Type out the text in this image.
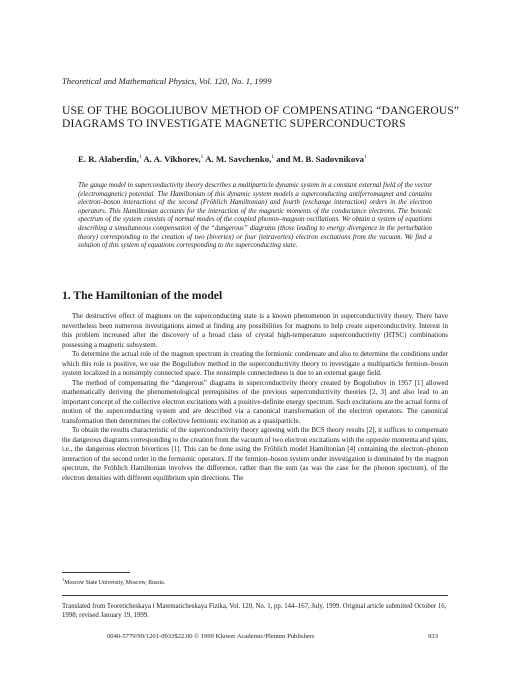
Theoretical and Mathematical Physics, Vol. 120, No. 1, 1999
USE OF THE BOGOLIUBOV METHOD OF COMPENSATING “DANGEROUS” DIAGRAMS TO INVESTIGATE MAGNETIC SUPERCONDUCTORS
E. R. Alaberdin,$^1$ A. A. Vikhorev,$^1$ A. M. Savchenko,$^1$ and M. B. Sadovnikova$^1$

The gauge model in superconductivity theory describes a multiparticle dynamic system in a constant external field of the vector (electromagnetic) potential. The Hamiltonian of this dynamic system models a superconducting antiferromagnet and contains electron–boson interactions of the second (Fröhlich Hamiltonian) and fourth (exchange interaction) orders in the electron operators. This Hamiltonian accounts for the interaction of the magnetic moments of the conductance electrons. The bosonic spectrum of the system consists of normal modes of the coupled phonon–magnon oscillations. We obtain a system of equations describing a simultaneous compensation of the “dangerous” diagrams (those leading to energy divergence in the perturbation theory) corresponding to the creation of two (bivertex) or four (tetravertex) electron excitations from the vacuum. We find a solution of this system of equations corresponding to the superconducting state.

1. The Hamiltonian of the model

The destructive effect of magnons on the superconducting state is a known phenomenon in superconductivity theory. There have nevertheless been numerous investigations aimed at finding any possibilities for magnons to help create superconductivity. Interest in this problem increased after the discovery of a broad class of crystal high-temperature superconductivity (HTSC) combinations possessing a magnetic subsystem.

To determine the actual role of the magnon spectrum in creating the fermionic condensate and also to determine the conditions under which this role is positive, we use the Bogoliubov method in the superconductivity theory to investigate a multiparticle fermion–boson system localized in a nonsimply connected space. The nonsimple connectedness is due to an external gauge field.

The method of compensating the “dangerous” diagrams in superconductivity theory created by Bogoliubov in 1957 [1] allowed mathematically deriving the phenomenological prerequisites of the previous superconductivity theories [2, 3] and also lead to an important concept of the collective electron excitations with a positive-definite energy spectrum. Such excitations are the actual forms of motion of the superconducting system and are described via a canonical transformation of the electron operators. The canonical transformation then determines the collective fermionic excitation as a quasiparticle.

To obtain the results characteristic of the superconductivity theory agreeing with the BCS theory results [2], it suffices to compensate the dangerous diagrams corresponding to the creation from the vacuum of two electron excitations with the opposite momenta and spins, i.e., the dangerous electron bivertices [1]. This can be done using the Fröhlich model Hamiltonian [4] containing the electron–phonon interaction of the second order in the fermionic operators. If the fermion–boson system under investigation is dominated by the magnon spectrum, the Fröhlich Hamiltonian involves the difference, rather than the sum (as was the case for the phonon spectrum), of the electron densities with different equilibrium spin directions. The

$^1$Moscow State University, Moscow, Russia.

Translated from Teoreticheskaya i Matematicheskaya Fizika, Vol. 120, No. 1, pp. 144–167, July, 1999. Original article submitted October 16, 1998; revised January 19, 1999.

0040-5779/99/1201-0933$22.00 © 1999 Kluwer Academic/Plenum Publishers	933
